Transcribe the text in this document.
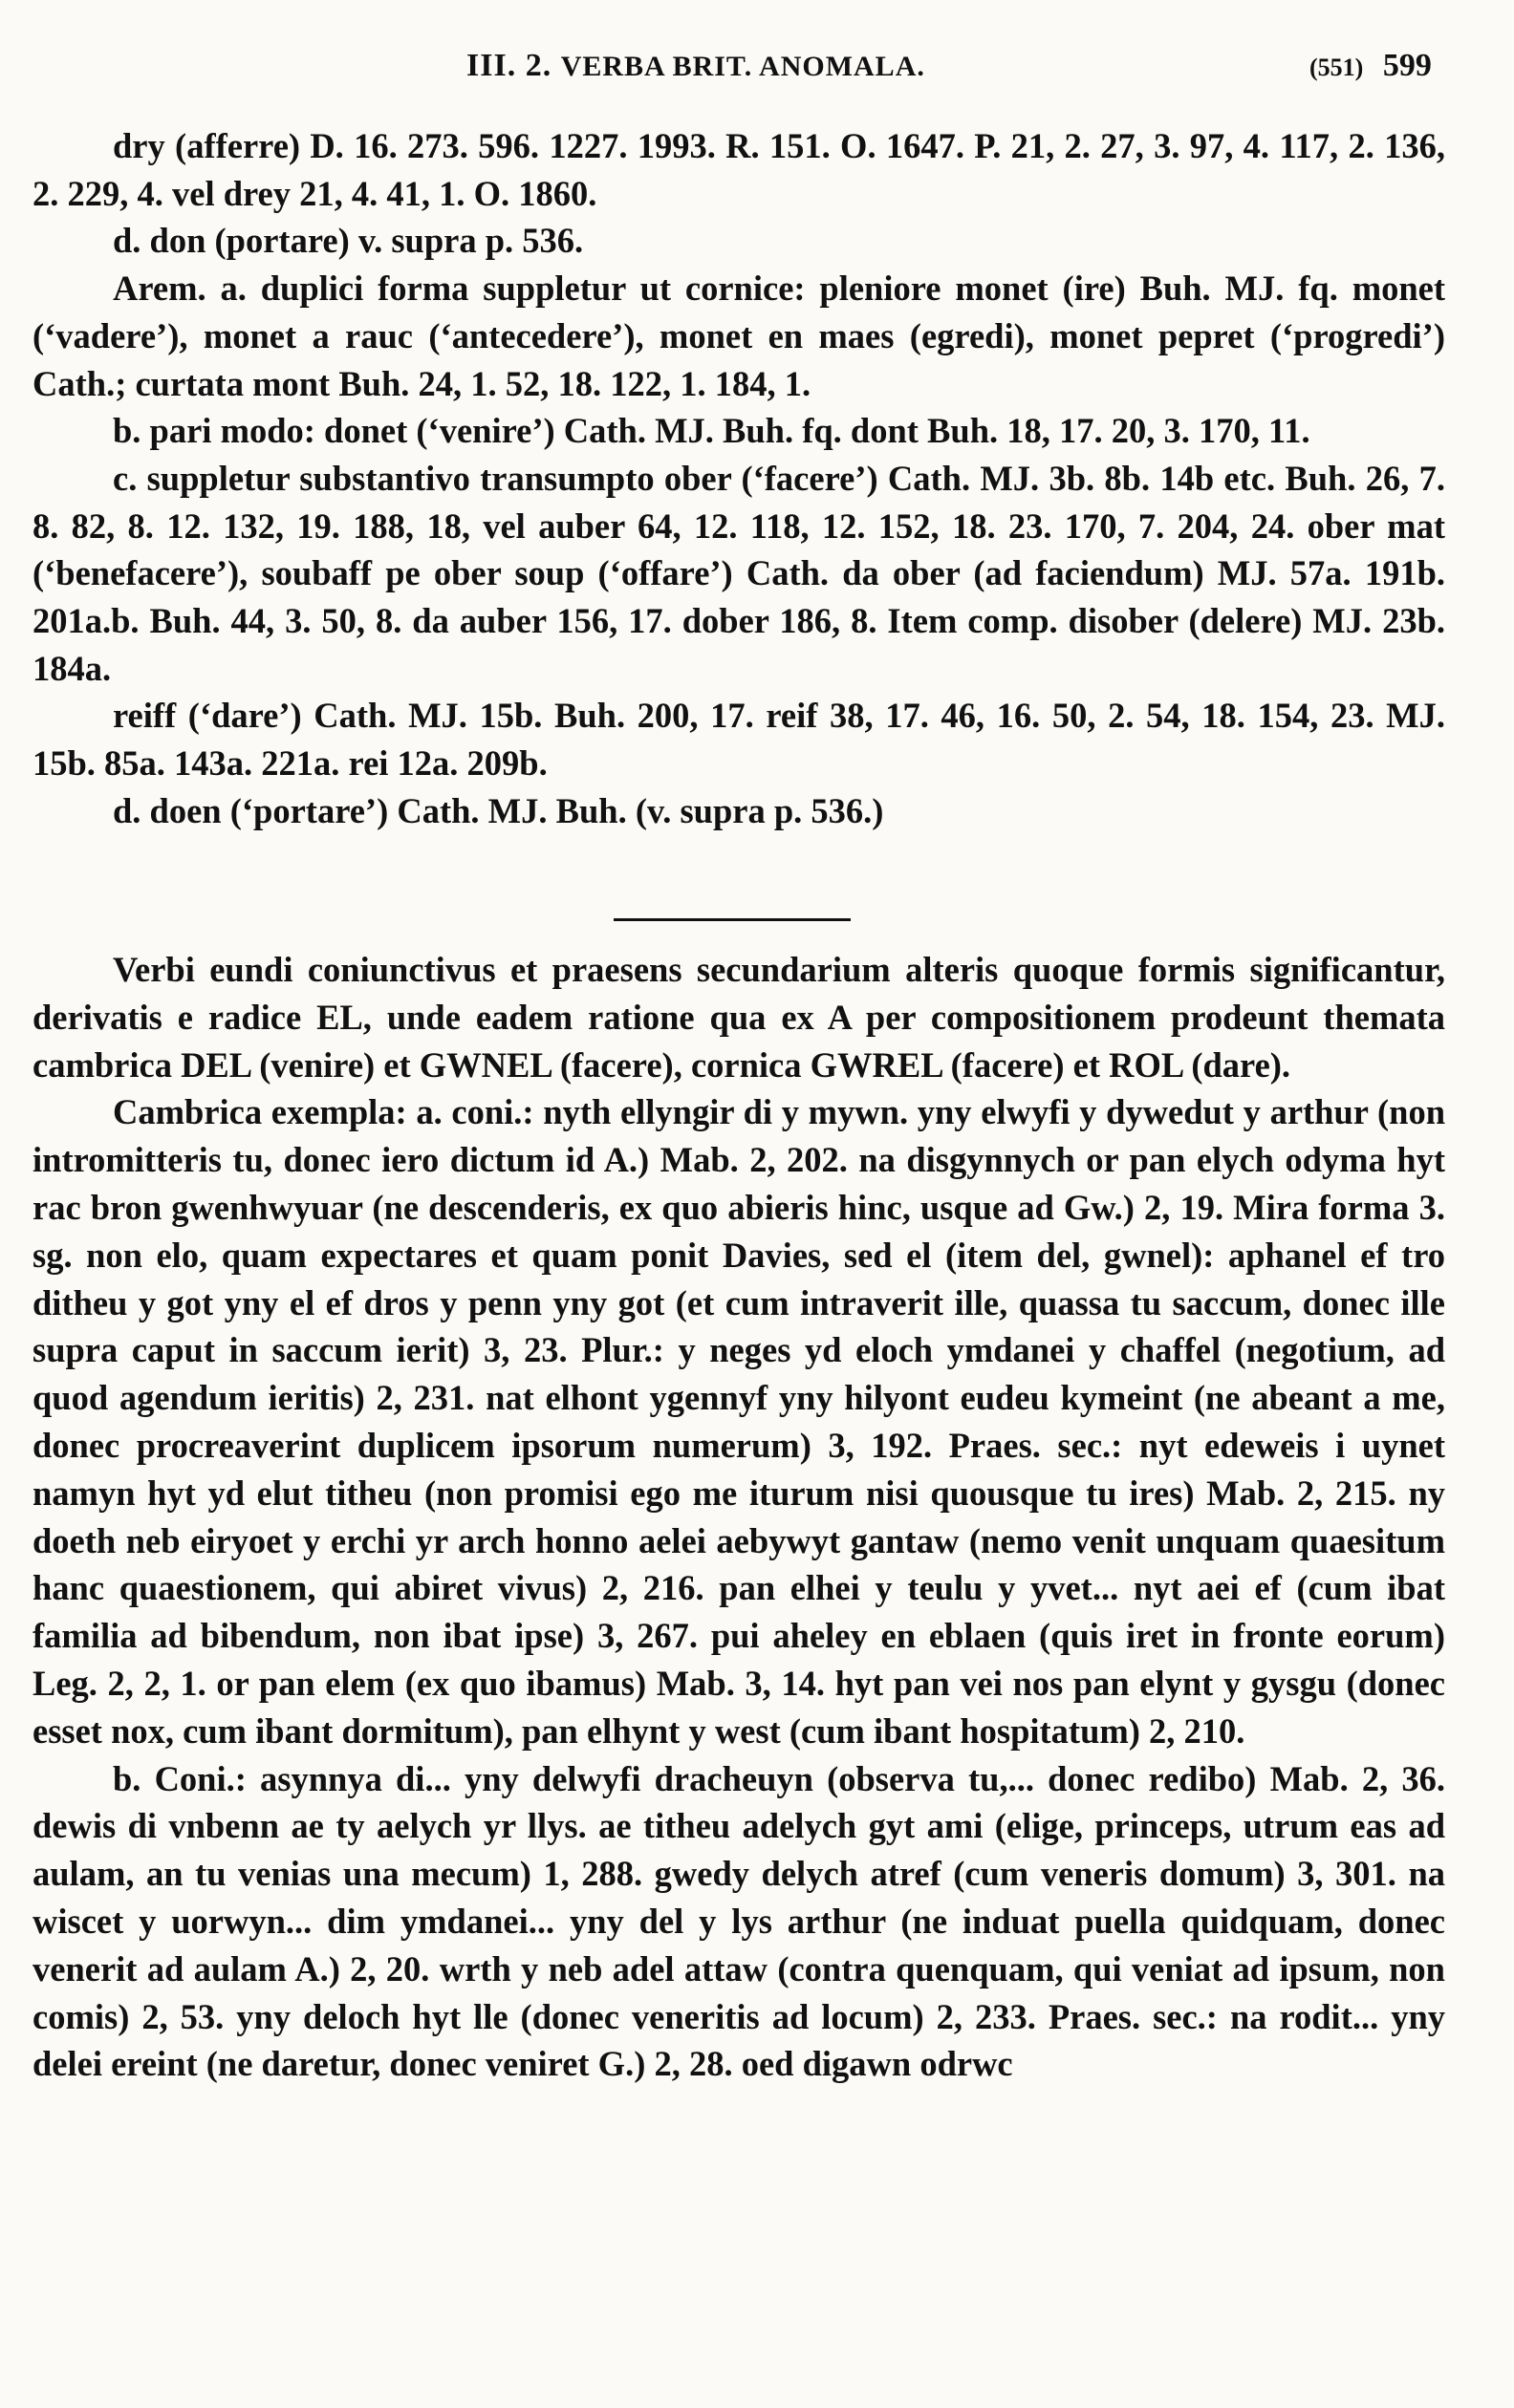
III. 2. VERBA BRIT. ANOMALA.	(551) 599

dry (afferre) D. 16. 273. 596. 1227. 1993. R. 151. O. 1647. P. 21, 2. 27, 3. 97, 4. 117, 2. 136, 2. 229, 4. vel drey 21, 4. 41, 1. O. 1860.

d. don (portare) v. supra p. 536.

Arem. a. duplici forma suppletur ut cornice: pleniore monet (ire) Buh. MJ. fq. monet (‘vadere’), monet a rauc (‘antecedere’), monet en maes (egredi), monet pepret (‘progredi’) Cath.; curtata mont Buh. 24, 1. 52, 18. 122, 1. 184, 1.

b. pari modo: donet (‘venire’) Cath. MJ. Buh. fq. dont Buh. 18, 17. 20, 3. 170, 11.

c. suppletur substantivo transumpto ober (‘facere’) Cath. MJ. 3b. 8b. 14b etc. Buh. 26, 7. 8. 82, 8. 12. 132, 19. 188, 18, vel auber 64, 12. 118, 12. 152, 18. 23. 170, 7. 204, 24. ober mat (‘benefacere’), soubaff pe ober soup (‘offare’) Cath. da ober (ad faciendum) MJ. 57a. 191b. 201a.b. Buh. 44, 3. 50, 8. da auber 156, 17. dober 186, 8. Item comp. disober (delere) MJ. 23b. 184a.

reiff (‘dare’) Cath. MJ. 15b. Buh. 200, 17. reif 38, 17. 46, 16. 50, 2. 54, 18. 154, 23. MJ. 15b. 85a. 143a. 221a. rei 12a. 209b.

d. doen (‘portare’) Cath. MJ. Buh. (v. supra p. 536.)

Verbi eundi coniunctivus et praesens secundarium alteris quoque formis significantur, derivatis e radice EL, unde eadem ratione qua ex A per compositionem prodeunt themata cambrica DEL (venire) et GWNEL (facere), cornica GWREL (facere) et ROL (dare).

Cambrica exempla: a. coni.: nyth ellyngir di y mywn. yny elwyfi y dywedut y arthur (non intromitteris tu, donec iero dictum id A.) Mab. 2, 202. na disgynnych or pan elych odyma hyt rac bron gwenhwyuar (ne descenderis, ex quo abieris hinc, usque ad Gw.) 2, 19. Mira forma 3. sg. non elo, quam expectares et quam ponit Davies, sed el (item del, gwnel): aphanel ef tro ditheu y got yny el ef dros y penn yny got (et cum intraverit ille, quassa tu saccum, donec ille supra caput in saccum ierit) 3, 23. Plur.: y neges yd eloch ymdanei y chaffel (negotium, ad quod agendum ieritis) 2, 231. nat elhont ygennyf yny hilyont eudeu kymeint (ne abeant a me, donec procreaverint duplicem ipsorum numerum) 3, 192. Praes. sec.: nyt edeweis i uynet namyn hyt yd elut titheu (non promisi ego me iturum nisi quousque tu ires) Mab. 2, 215. ny doeth neb eiryoet y erchi yr arch honno aelei aebywyt gantaw (nemo venit unquam quaesitum hanc quaestionem, qui abiret vivus) 2, 216. pan elhei y teulu y yvet... nyt aei ef (cum ibat familia ad bibendum, non ibat ipse) 3, 267. pui aheley en eblaen (quis iret in fronte eorum) Leg. 2, 2, 1. or pan elem (ex quo ibamus) Mab. 3, 14. hyt pan vei nos pan elynt y gysgu (donec esset nox, cum ibant dormitum), pan elhynt y west (cum ibant hospitatum) 2, 210.

b. Coni.: asynnya di... yny delwyfi dracheuyn (observa tu,... donec redibo) Mab. 2, 36. dewis di vnbenn ae ty aelych yr llys. ae titheu adelych gyt ami (elige, princeps, utrum eas ad aulam, an tu venias una mecum) 1, 288. gwedy delych atref (cum veneris domum) 3, 301. na wiscet y uorwyn... dim ymdanei... yny del y lys arthur (ne induat puella quidquam, donec venerit ad aulam A.) 2, 20. wrth y neb adel attaw (contra quenquam, qui veniat ad ipsum, non comis) 2, 53. yny deloch hyt lle (donec veneritis ad locum) 2, 233. Praes. sec.: na rodit... yny delei ereint (ne daretur, donec veniret G.) 2, 28. oed digawn odrwc
